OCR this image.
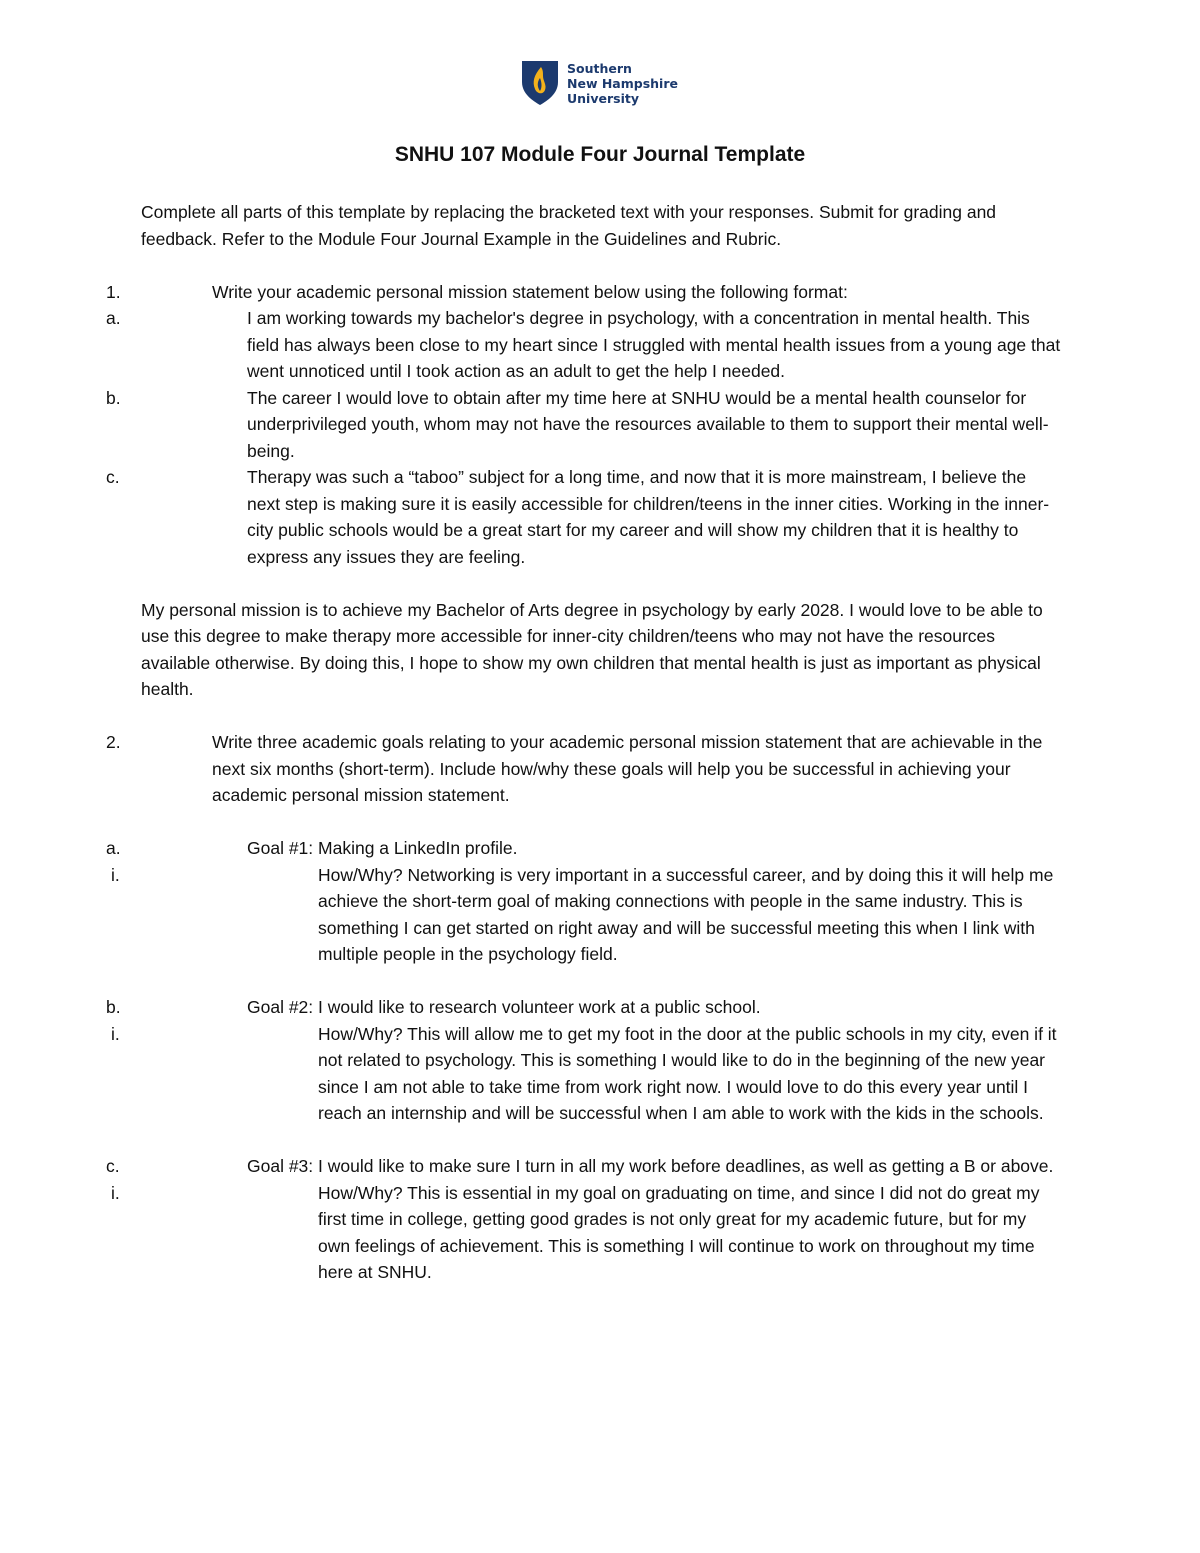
Southern
New Hampshire
University
SNHU 107 Module Four Journal Template

Complete all parts of this template by replacing the bracketed text with your responses. Submit for grading and feedback. Refer to the Module Four Journal Example in the Guidelines and Rubric.

1.	Write your academic personal mission statement below using the following format:
a.	I am working towards my bachelor's degree in psychology, with a concentration in mental health. This field has always been close to my heart since I struggled with mental health issues from a young age that went unnoticed until I took action as an adult to get the help I needed.
b.	The career I would love to obtain after my time here at SNHU would be a mental health counselor for underprivileged youth, whom may not have the resources available to them to support their mental well-being.
c.	Therapy was such a “taboo” subject for a long time, and now that it is more mainstream, I believe the next step is making sure it is easily accessible for children/teens in the inner cities. Working in the inner-city public schools would be a great start for my career and will show my children that it is healthy to express any issues they are feeling.

My personal mission is to achieve my Bachelor of Arts degree in psychology by early 2028. I would love to be able to use this degree to make therapy more accessible for inner-city children/teens who may not have the resources available otherwise. By doing this, I hope to show my own children that mental health is just as important as physical health.

2.	Write three academic goals relating to your academic personal mission statement that are achievable in the next six months (short-term). Include how/why these goals will help you be successful in achieving your academic personal mission statement.
a.	Goal #1: Making a LinkedIn profile.
i.	How/Why? Networking is very important in a successful career, and by doing this it will help me achieve the short-term goal of making connections with people in the same industry. This is something I can get started on right away and will be successful meeting this when I link with multiple people in the psychology field.
b.	Goal #2: I would like to research volunteer work at a public school.
i.	How/Why? This will allow me to get my foot in the door at the public schools in my city, even if it not related to psychology. This is something I would like to do in the beginning of the new year since I am not able to take time from work right now. I would love to do this every year until I reach an internship and will be successful when I am able to work with the kids in the schools.
c.	Goal #3: I would like to make sure I turn in all my work before deadlines, as well as getting a B or above.
i.	How/Why? This is essential in my goal on graduating on time, and since I did not do great my first time in college, getting good grades is not only great for my academic future, but for my own feelings of achievement. This is something I will continue to work on throughout my time here at SNHU.
